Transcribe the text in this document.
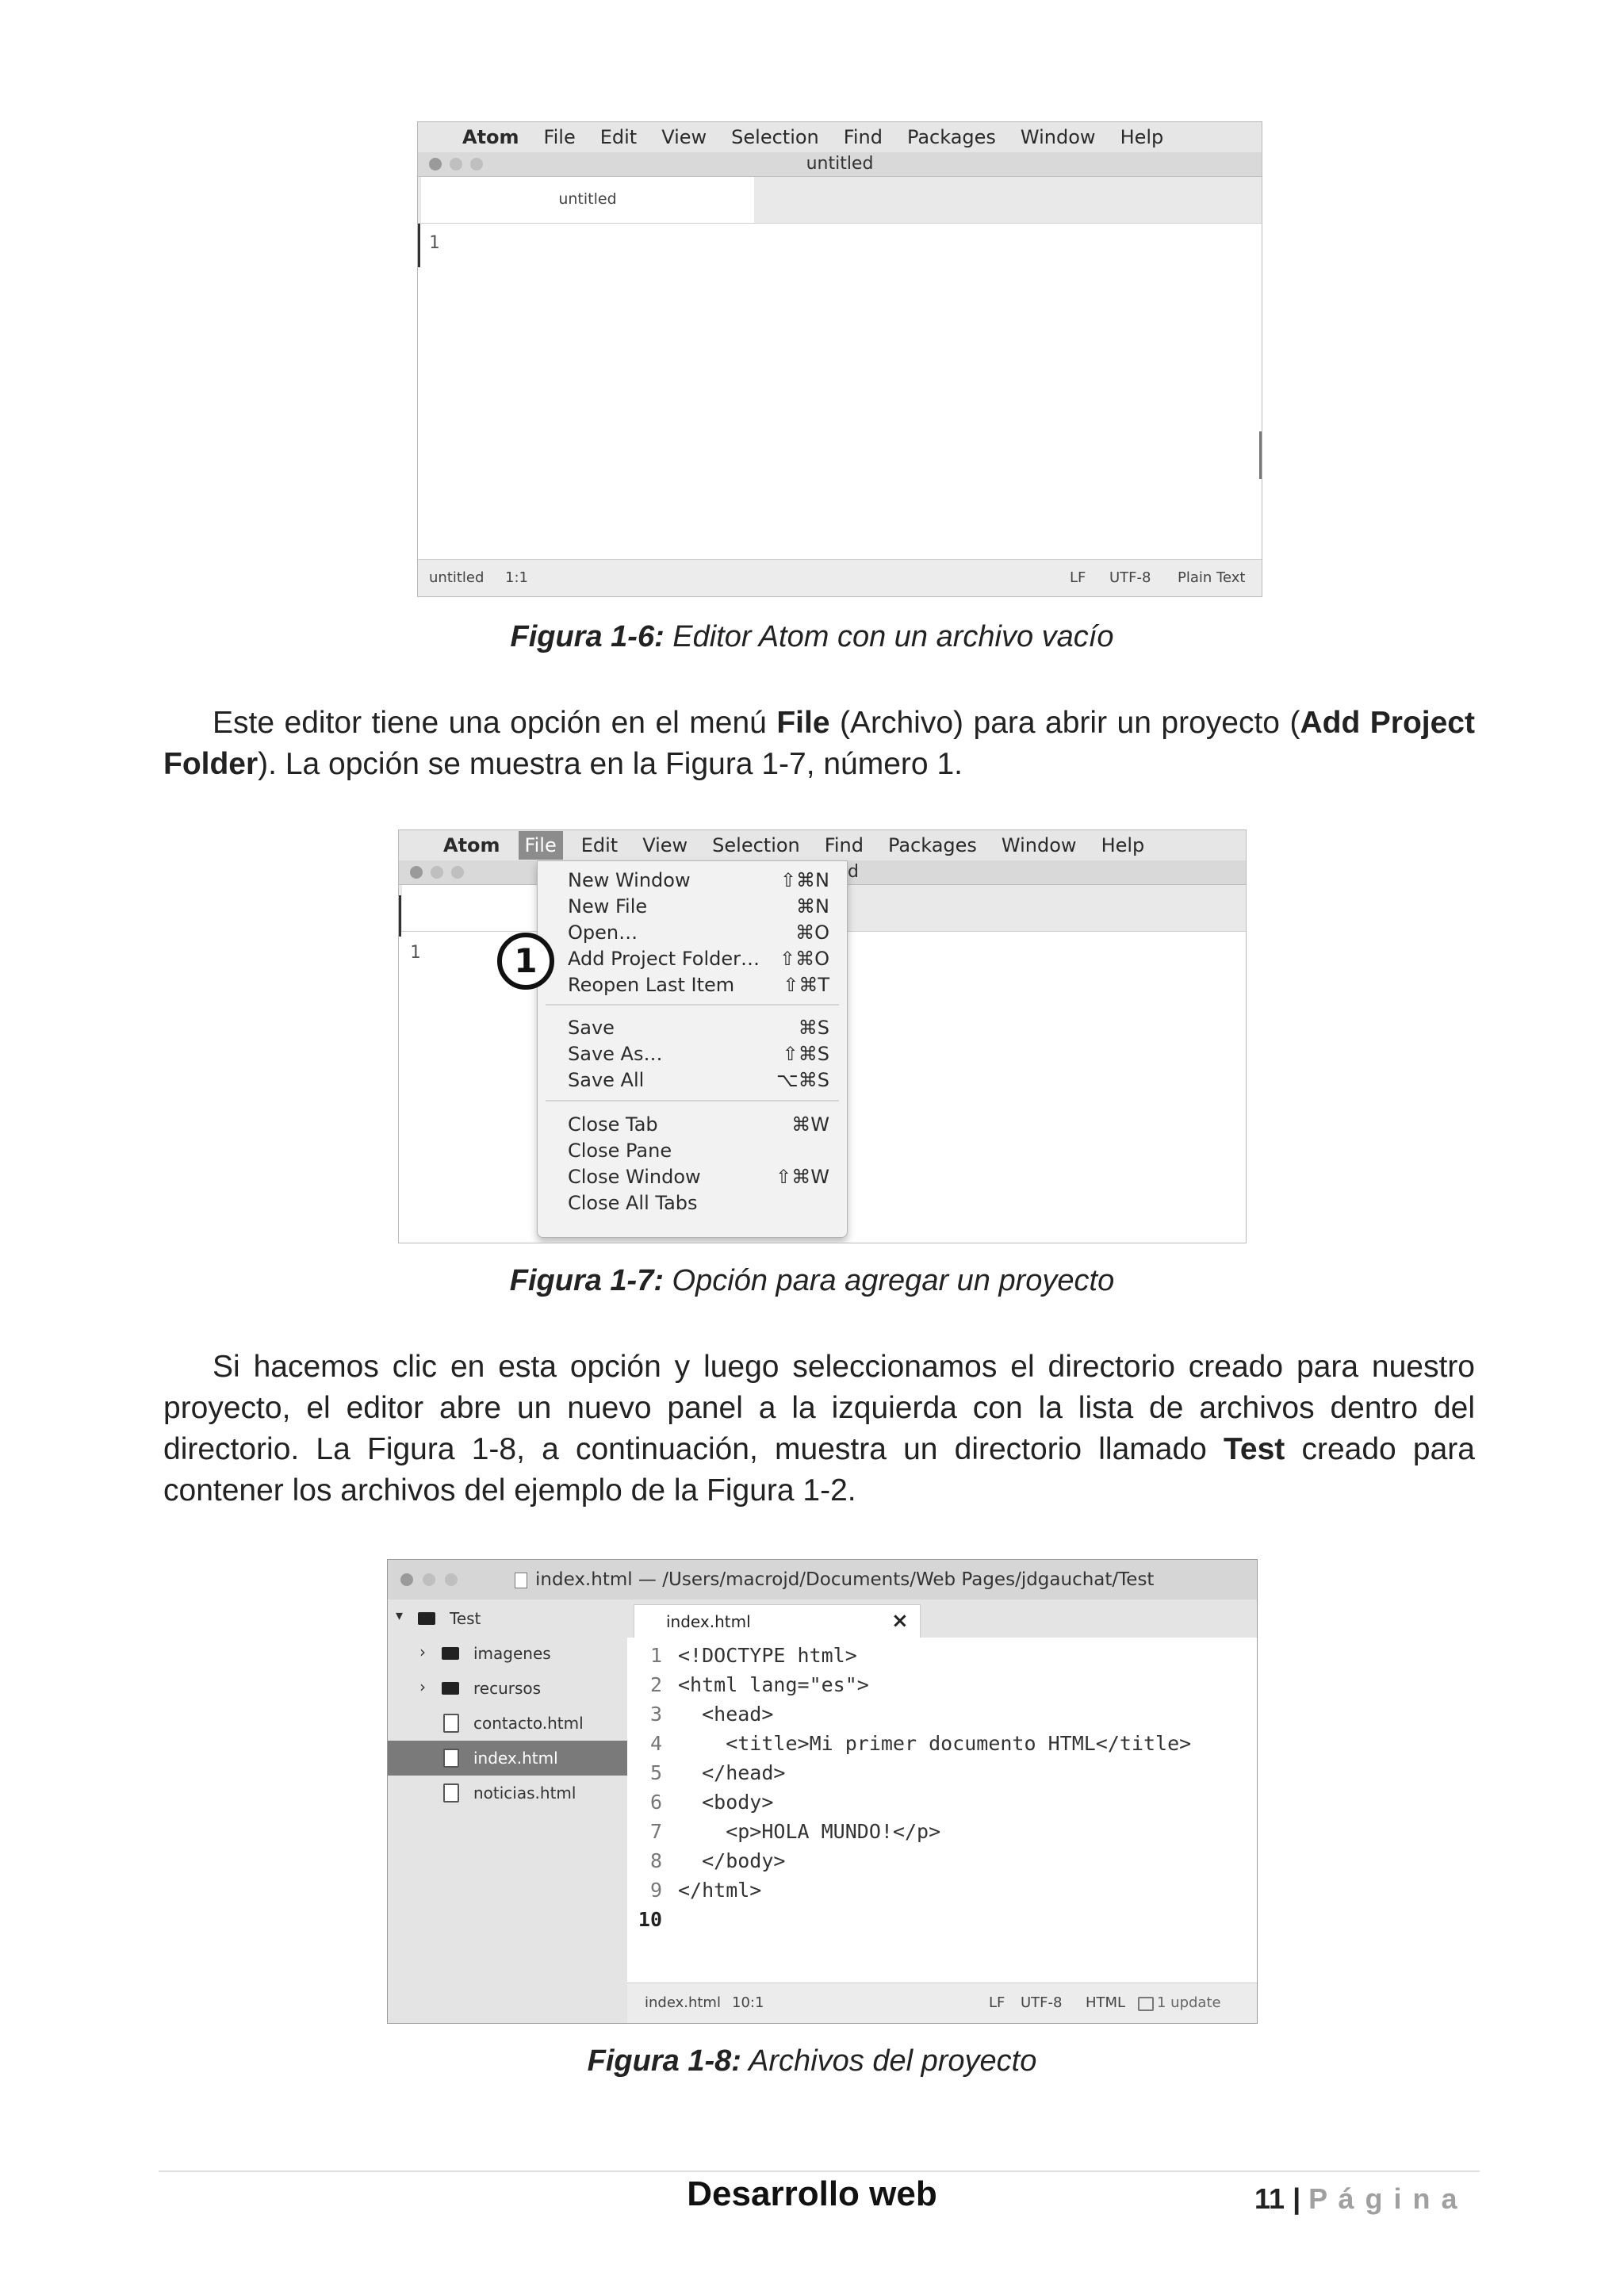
Atom File Edit View Selection Find Packages Window Help
untitled
untitled
1
untitled 1:1	LF UTF-8 Plain Text
Figura 1-6: Editor Atom con un archivo vacío

Este editor tiene una opción en el menú File (Archivo) para abrir un proyecto (Add Project Folder). La opción se muestra en la Figura 1-7, número 1.

Atom	File	Edit View Selection Find Packages Window Help
d
1
New Window	⇧⌘N
New File	⌘N
Open…	⌘O
Add Project Folder… ⇧⌘O
Reopen Last Item	⇧⌘T
Save	⌘S
Save As…	⇧⌘S
Save All	⌥⌘S
Close Tab	⌘W
Close Pane
Close Window	⇧⌘W
Close All Tabs
1
Figura 1-7: Opción para agregar un proyecto

Si hacemos clic en esta opción y luego seleccionamos el directorio creado para nuestro proyecto, el editor abre un nuevo panel a la izquierda con la lista de archivos dentro del directorio. La Figura 1-8, a continuación, muestra un directorio llamado Test creado para contener los archivos del ejemplo de la Figura 1-2.

index.html — /Users/macrojd/Documents/Web Pages/jdgauchat/Test
▾	Test
›	imagenes
›	recursos
contacto.html
index.html
noticias.html
index.html	×
1 <!DOCTYPE html>
2 <html lang="es">
3 <head>
4 <title>Mi primer documento HTML</title>
5 </head>
6 <body>
7 <p>HOLA MUNDO!</p>
8 </body>
9 </html>
10
index.html 10:1	LF UTF-8 HTML 1 update
Figura 1-8: Archivos del proyecto
Desarrollo web	11 | P á g i n a
